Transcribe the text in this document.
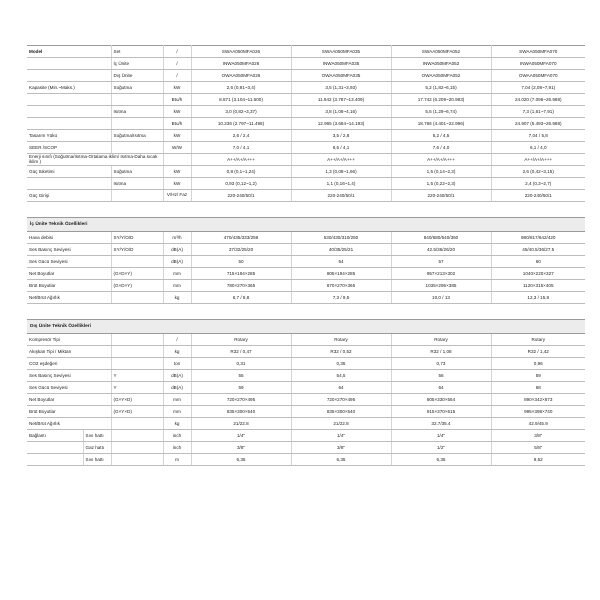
Model	Set	/	SWAA050MFA026	SWAA050MFA035	SWAA050MFA052	SWAA050MFA070
	İç Ünite	/	INWA050MFA026	INWA050MFA035	INWA050MFA052	INWA050MFA070
	Dış Ünite	/	OWAA050MFA026	OWAA050MFA035	OWAA050MFA052	OWAA050MFA070
Kapasite (Min.~Maks.)	Soğutma	kW	2,6 (0,91~3,4)	3,5 (1,31~3,93)	5,2 (1,82~6,15)	7,04 (2,08~7,91)
		Btu/h	8.871 (3.104~11.600)	11.942 (3.787~13.409)	17.742 (6.209~20.983)	24.020 (7.096~26.988)
	Isıtma	kW	3,0 (0,82~3,37)	3,8 (1,08~4,16)	5,5 (1,29~6,74)	7,3 (1,61~7,91)
		Btu/h	10.236 (2.797~11.498)	12.965 (3.684~14.193)	18.766 (4.401~22.996)	24.907 (5.493~26.988)
Tasarım Yükü	Soğutma/Isıtma	kW	2,6 / 2,4	3,5 / 2,8	5,2 / 4,5	7,04 / 5,8
SEER /SCOP		W/W	7,0 / 4,1	6,5 / 4,1	7,6 / 4,0	6,1 / 4,0
Enerji sınıfı (Soğutma/Isıtma-Ortalama iklim/ Isıtma-Daha sıcak iklim )			A++/A+/A+++	A++/A+/A+++	A++/A+/A+++	A++/A+/A+++
Güç tüketimi	Soğutma	kW	0,8 (0,1~1,24)	1,3 (0,08~1,66)	1,5 (0,14~2,3)	2,6 (0,42~3,15)
	Isıtma	kW	0,93 (0,12~1,2)	1,1 (0,16~1,4)	1,5 (0,22~2,3)	2,4 (0,3~2,7)
Güç Girişi		V/Hz/ Faz	220-240/50/1	220-240/50/1	220-240/50/1	220-240/50/1
İç Ünite Teknik Özellikleri
Hava debisi	SY/Y/O/D	m³/h	470/435/333/259	530/430/310/250	840/680/540/360	980/817/642/420
Ses Basınç Seviyesi	SY/Y/O/D	dB(A)	37/32/25/20	40/35/25/21	42.5/36/26/20	45/40.5/36/27.5
Ses Gücü Seviyesi		dB(A)	50	54	57	60
Net Boyutlar	(G×D×Y)	mm	715×194×285	805×194×285	957×213×302	1040×220×327
Brüt Boyutlar	(G×D×Y)	mm	780×270×365	870×270×365	1035×295×385	1120×315×405
Net/Brüt Ağırlık		kg	6,7 / 8,8	7,3 / 9,5	10,0 / 13	12,3 / 15,8
Dış Ünite Teknik Özellikleri
Kompresör Tipi			/	Rotary	Rotary	Rotary	Rotary
Akışkan Tipi / Miktarı			kg	R32 / 0,47	R32 / 0,52	R32 / 1,08	R32 / 1,42
CO2 eşdeğeri			ton	0,31	0,35	0,73	0,96
Ses Basınç Seviyesi		Y	dB(A)	55	54,5	56	59
Ses Gücü Seviyesi		Y	dB(A)	59	64	64	68
Net Boyutlar		(G×Y×D)	mm	720×270×495	720×270×495	805×330×554	890×342×673
Brüt Boyutlar		(G×Y×D)	mm	835×300×540	835×300×540	915×370×615	995×398×740
Net/Brüt Ağırlık			kg	21/22.8	21/22.8	32.7/35.4	42.9/45.9
Bağlantı	Sıvı hattı		inch	1/4"	1/4"	1/4"	3/8"
	Gaz hattı		inch	3/8"	3/8"	1/2"	5/8"
	Sıvı hattı		m	6,35	6,35	6,35	9,52
